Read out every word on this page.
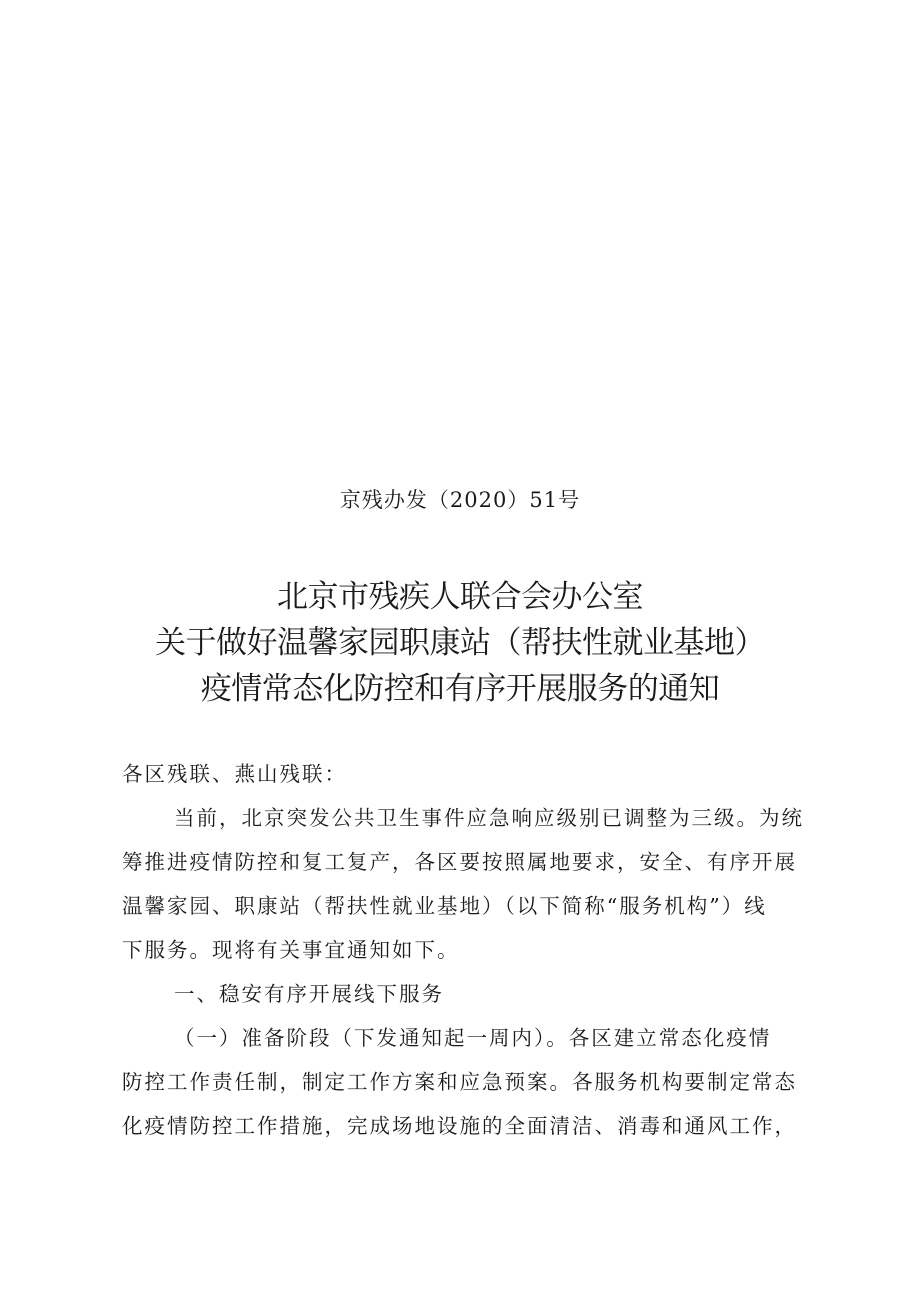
京残办发（2020）51号
北京市残疾人联合会办公室
关于做好温馨家园职康站（帮扶性就业基地）
疫情常态化防控和有序开展服务的通知
各区残联、燕山残联：
当前，北京突发公共卫生事件应急响应级别已调整为三级。为统
筹推进疫情防控和复工复产，各区要按照属地要求，安全、有序开展
温馨家园、职康站（帮扶性就业基地）（以下简称“服务机构”）线
下服务。现将有关事宜通知如下。
一、稳安有序开展线下服务
（一）准备阶段（下发通知起一周内）。各区建立常态化疫情
防控工作责任制，制定工作方案和应急预案。各服务机构要制定常态
化疫情防控工作措施，完成场地设施的全面清洁、消毒和通风工作，
